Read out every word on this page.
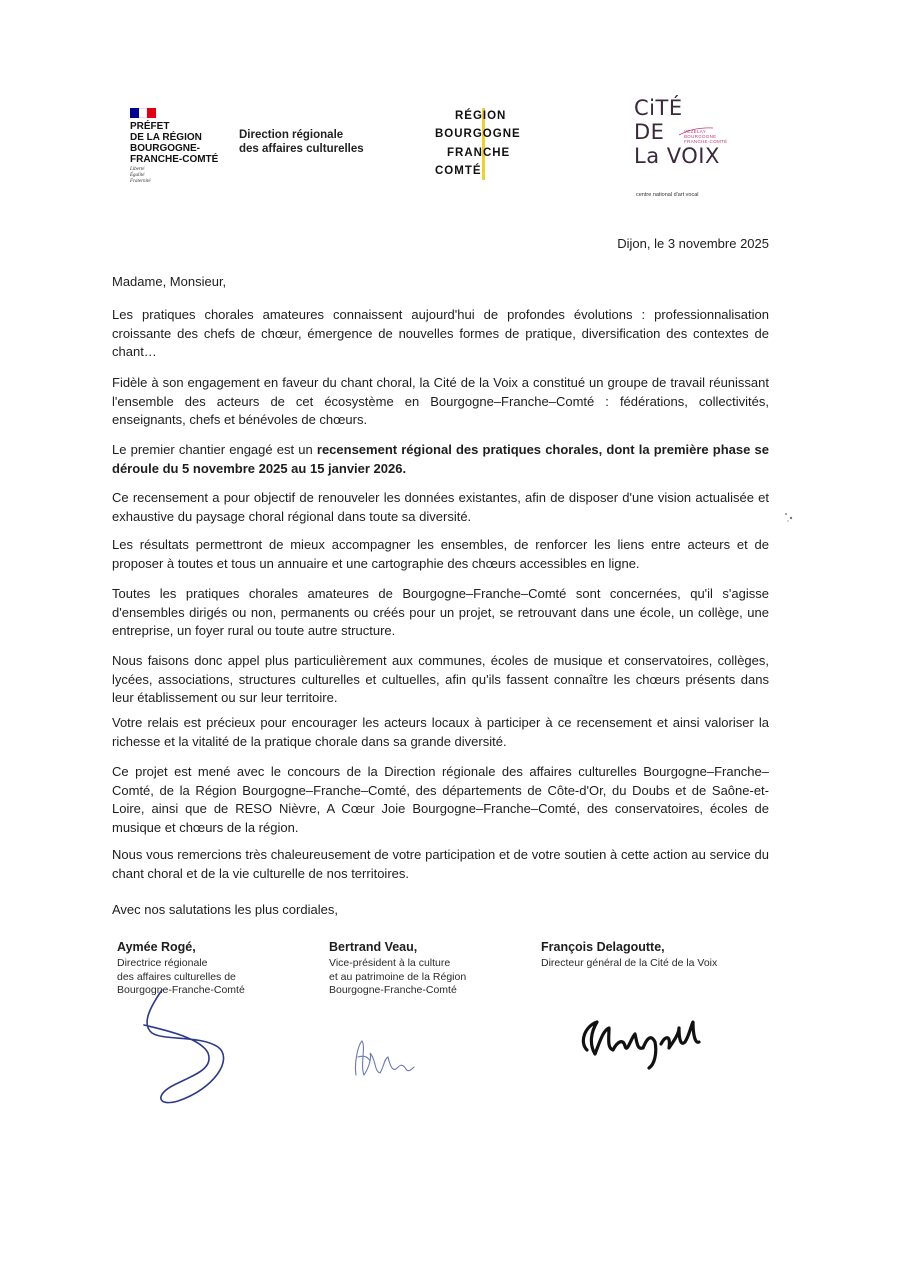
PRÉFET
DE LA RÉGION
BOURGOGNE-
FRANCHE-COMTÉ
Liberté
Égalité
Fraternité
Direction régionale
des affaires culturelles
RÉGION
BOURGOGNE
FRANCHE
COMTÉ
CiTÉ
DE
La VOIX
VÉZELAY
BOURGOGNE
FRANCHE-COMTÉ
centre national d'art vocal
Dijon, le 3 novembre 2025
Madame, Monsieur,

Les pratiques chorales amateures connaissent aujourd'hui de profondes évolutions : professionnalisation croissante des chefs de chœur, émergence de nouvelles formes de pratique, diversification des contextes de chant…

Fidèle à son engagement en faveur du chant choral, la Cité de la Voix a constitué un groupe de travail réunissant l'ensemble des acteurs de cet écosystème en Bourgogne–Franche–Comté : fédérations, collectivités, enseignants, chefs et bénévoles de chœurs.

Le premier chantier engagé est un recensement régional des pratiques chorales, dont la première phase se déroule du 5 novembre 2025 au 15 janvier 2026.

Ce recensement a pour objectif de renouveler les données existantes, afin de disposer d'une vision actualisée et exhaustive du paysage choral régional dans toute sa diversité.

Les résultats permettront de mieux accompagner les ensembles, de renforcer les liens entre acteurs et de proposer à toutes et tous un annuaire et une cartographie des chœurs accessibles en ligne.

Toutes les pratiques chorales amateures de Bourgogne–Franche–Comté sont concernées, qu'il s'agisse d'ensembles dirigés ou non, permanents ou créés pour un projet, se retrouvant dans une école, un collège, une entreprise, un foyer rural ou toute autre structure.

Nous faisons donc appel plus particulièrement aux communes, écoles de musique et conservatoires, collèges, lycées, associations, structures culturelles et cultuelles, afin qu'ils fassent connaître les chœurs présents dans leur établissement ou sur leur territoire.

Votre relais est précieux pour encourager les acteurs locaux à participer à ce recensement et ainsi valoriser la richesse et la vitalité de la pratique chorale dans sa grande diversité.

Ce projet est mené avec le concours de la Direction régionale des affaires culturelles Bourgogne–Franche–Comté, de la Région Bourgogne–Franche–Comté, des départements de Côte-d'Or, du Doubs et de Saône-et-Loire, ainsi que de RESO Nièvre, A Cœur Joie Bourgogne–Franche–Comté, des conservatoires, écoles de musique et chœurs de la région.

Nous vous remercions très chaleureusement de votre participation et de votre soutien à cette action au service du chant choral et de la vie culturelle de nos territoires.

Avec nos salutations les plus cordiales,
Aymée Rogé,
Directrice régionale
des affaires culturelles de
Bourgogne-Franche-Comté
Bertrand Veau,
Vice-président à la culture
et au patrimoine de la Région
Bourgogne-Franche-Comté
François Delagoutte,
Directeur général de la Cité de la Voix
